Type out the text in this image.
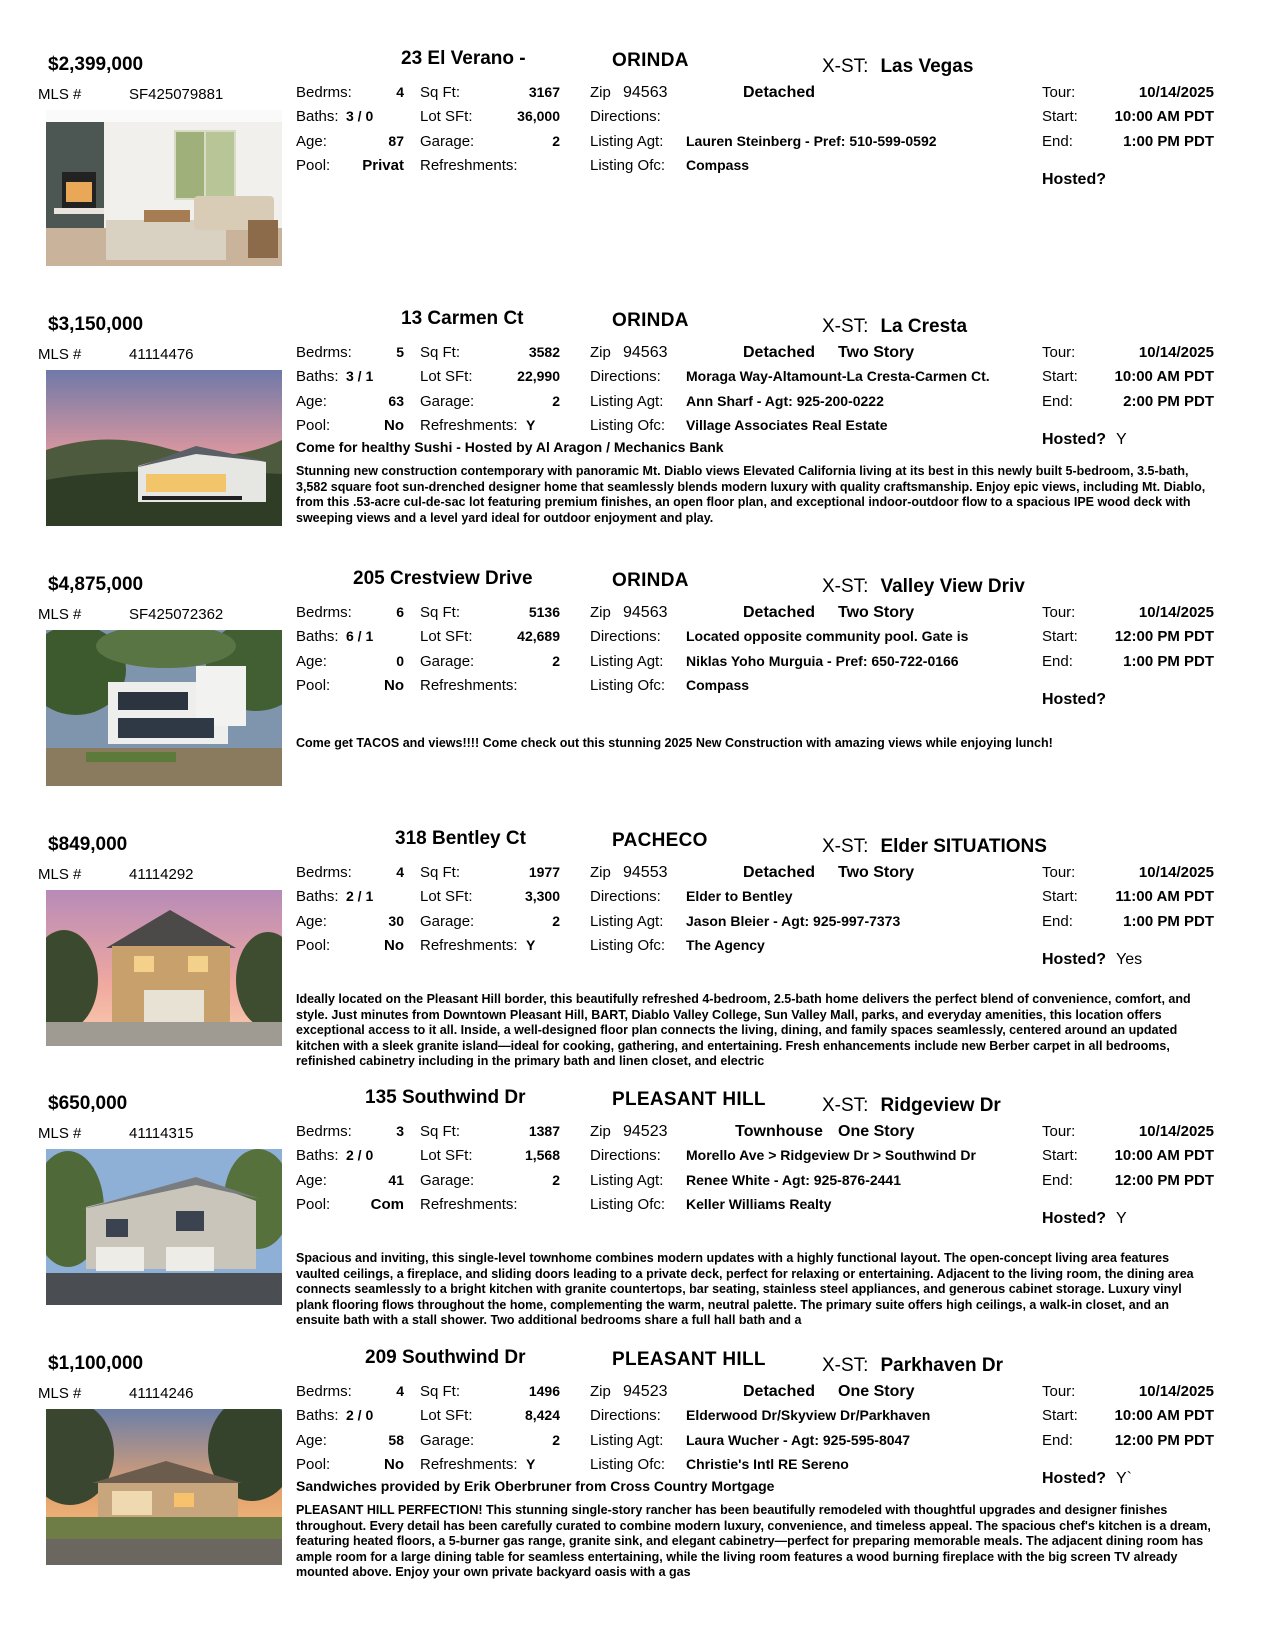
$2,399,000	23 El Verano -	ORINDA	X-ST: Las Vegas
MLS #	SF425079881	Bedrms:	4
Baths: 3 / 0
Age:	87
Pool: Privat
Sq Ft:	3167
Lot SFt:	36,000
Garage:	2
Refreshments:
Zip 94563	Detached
Directions:
Listing Agt: Lauren Steinberg - Pref: 510-599-0592
Listing Ofc: Compass
Tour:	10/14/2025
Start:	10:00 AM PDT
End:	1:00 PM PDT
Hosted?
$3,150,000	13 Carmen Ct	ORINDA	X-ST: La Cresta
MLS #	41114476	Bedrms:	5
Baths: 3 / 1
Age:	63
Pool:	No
Sq Ft:	3582
Lot SFt:	22,990
Garage:	2
Refreshments: Y
Zip 94563	Detached	Two Story
Directions: Moraga Way-Altamount-La Cresta-Carmen Ct.
Listing Agt: Ann Sharf - Agt: 925-200-0222
Listing Ofc: Village Associates Real Estate
Tour:	10/14/2025
Start:	10:00 AM PDT
End:	2:00 PM PDT
Hosted? Y
Come for healthy Sushi - Hosted by Al Aragon / Mechanics Bank
Stunning new construction contemporary with panoramic Mt. Diablo views Elevated California living at its best in this newly built 5-bedroom, 3.5-bath, 3,582 square foot sun-drenched designer home that seamlessly blends modern luxury with quality craftsmanship. Enjoy epic views, including Mt. Diablo, from this .53-acre cul-de-sac lot featuring premium finishes, an open floor plan, and exceptional indoor-outdoor flow to a spacious IPE wood deck with sweeping views and a level yard ideal for outdoor enjoyment and play.
$4,875,000	205 Crestview Drive	ORINDA	X-ST: Valley View Driv
MLS #	SF425072362	Bedrms:	6
Baths: 6 / 1
Age:	0
Pool:	No
Sq Ft:	5136
Lot SFt:	42,689
Garage:	2
Refreshments:
Zip 94563	Detached	Two Story
Directions: Located opposite community pool. Gate is
Listing Agt: Niklas Yoho Murguia - Pref: 650-722-0166
Listing Ofc: Compass
Tour:	10/14/2025
Start:	12:00 PM PDT
End:	1:00 PM PDT
Hosted?
Come get TACOS and views!!!! Come check out this stunning 2025 New Construction with amazing views while enjoying lunch!
$849,000	318 Bentley Ct	PACHECO	X-ST: Elder SITUATIONS
MLS #	41114292	Bedrms:	4
Baths: 2 / 1
Age:	30
Pool:	No
Sq Ft:	1977
Lot SFt:	3,300
Garage:	2
Refreshments: Y
Zip 94553	Detached	Two Story
Directions: Elder to Bentley
Listing Agt: Jason Bleier - Agt: 925-997-7373
Listing Ofc: The Agency
Tour:	10/14/2025
Start:	11:00 AM PDT
End:	1:00 PM PDT
Hosted? Yes
Ideally located on the Pleasant Hill border, this beautifully refreshed 4-bedroom, 2.5-bath home delivers the perfect blend of convenience, comfort, and style. Just minutes from Downtown Pleasant Hill, BART, Diablo Valley College, Sun Valley Mall, parks, and everyday amenities, this location offers exceptional access to it all. Inside, a well-designed floor plan connects the living, dining, and family spaces seamlessly, centered around an updated kitchen with a sleek granite island—ideal for cooking, gathering, and entertaining. Fresh enhancements include new Berber carpet in all bedrooms, refinished cabinetry including in the primary bath and linen closet, and electric
$650,000	135 Southwind Dr	PLEASANT HILL	X-ST: Ridgeview Dr
MLS #	41114315	Bedrms:	3
Baths: 2 / 0
Age:	41
Pool:	Com
Sq Ft:	1387
Lot SFt:	1,568
Garage:	2
Refreshments:
Zip 94523	Townhouse One Story
Directions: Morello Ave > Ridgeview Dr > Southwind Dr
Listing Agt: Renee White - Agt: 925-876-2441
Listing Ofc: Keller Williams Realty
Tour:	10/14/2025
Start:	10:00 AM PDT
End:	12:00 PM PDT
Hosted? Y
Spacious and inviting, this single-level townhome combines modern updates with a highly functional layout. The open-concept living area features vaulted ceilings, a fireplace, and sliding doors leading to a private deck, perfect for relaxing or entertaining. Adjacent to the living room, the dining area connects seamlessly to a bright kitchen with granite countertops, bar seating, stainless steel appliances, and generous cabinet storage. Luxury vinyl plank flooring flows throughout the home, complementing the warm, neutral palette. The primary suite offers high ceilings, a walk-in closet, and an ensuite bath with a stall shower. Two additional bedrooms share a full hall bath and a
$1,100,000	209 Southwind Dr	PLEASANT HILL	X-ST: Parkhaven Dr
MLS #	41114246	Bedrms:	4
Baths: 2 / 0
Age:	58
Pool:	No
Sq Ft:	1496
Lot SFt:	8,424
Garage:	2
Refreshments: Y
Zip 94523	Detached	One Story
Directions: Elderwood Dr/Skyview Dr/Parkhaven
Listing Agt: Laura Wucher - Agt: 925-595-8047
Listing Ofc: Christie's Intl RE Sereno
Tour:	10/14/2025
Start:	10:00 AM PDT
End:	12:00 PM PDT
Hosted? Y`
Sandwiches provided by Erik Oberbruner from Cross Country Mortgage
PLEASANT HILL PERFECTION! This stunning single-story rancher has been beautifully remodeled with thoughtful upgrades and designer finishes throughout. Every detail has been carefully curated to combine modern luxury, convenience, and timeless appeal. The spacious chef's kitchen is a dream, featuring heated floors, a 5-burner gas range, granite sink, and elegant cabinetry—perfect for preparing memorable meals. The adjacent dining room has ample room for a large dining table for seamless entertaining, while the living room features a wood burning fireplace with the big screen TV already mounted above. Enjoy your own private backyard oasis with a gas
